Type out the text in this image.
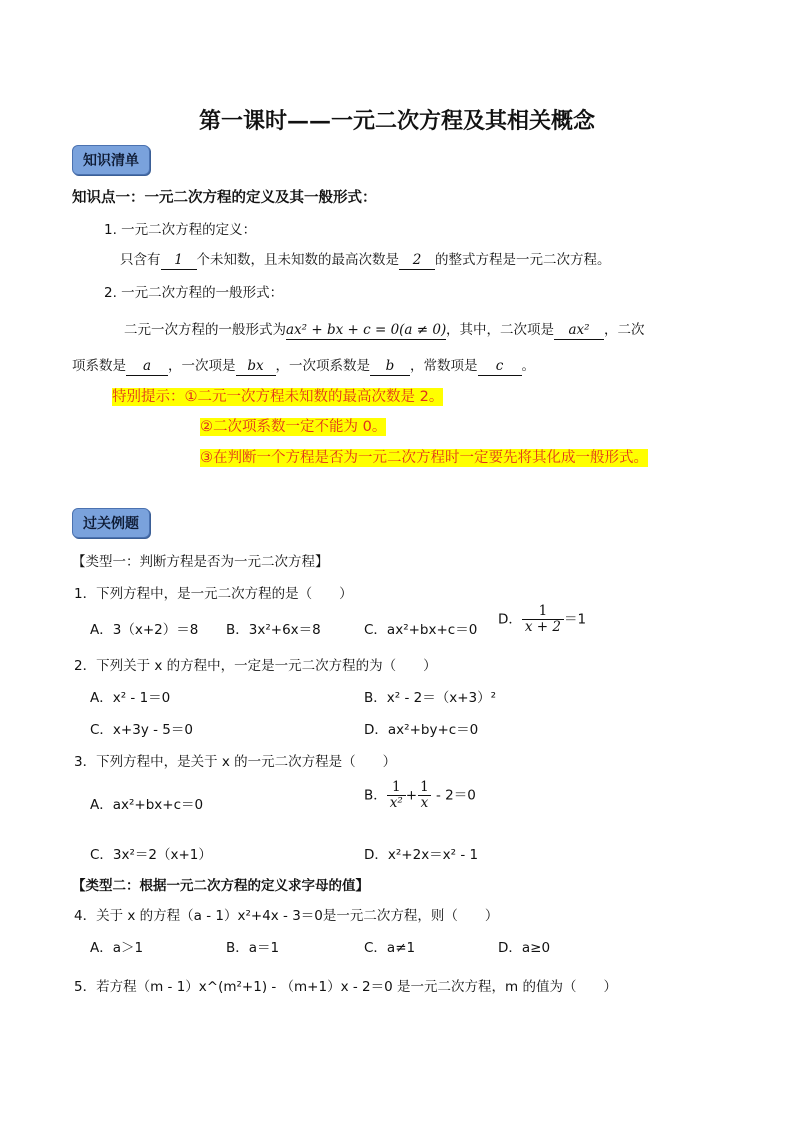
第一课时——一元二次方程及其相关概念
知识清单
知识点一：一元二次方程的定义及其一般形式：
1. 一元二次方程的定义：
只含有 1 个未知数，且未知数的最高次数是 2 的整式方程是一元二次方程。
2. 一元二次方程的一般形式：
二元一次方程的一般形式为ax² + bx + c = 0(a ≠ 0)，其中，二次项是 ax² ，二次
项系数是 a ，一次项是 bx ，一次项系数是 b ，常数项是 c 。
特别提示：①二元一次方程未知数的最高次数是 2。
②二次项系数一定不能为 0。
③在判断一个方程是否为一元二次方程时一定要先将其化成一般形式。
过关例题
【类型一：判断方程是否为一元二次方程】
1．下列方程中，是一元二次方程的是（　　）
A．3（x+2）＝8 B．3x²+6x＝8	C．ax²+bx+c＝0
D． $\frac{1}{x + 2} =1$
2．下列关于 x 的方程中，一定是一元二次方程的为（　　）
A．x² - 1＝0	B．x² - 2＝（x+3）²
C．x+3y - 5＝0	D．ax²+by+c＝0
3．下列方程中，是关于 x 的一元二次方程是（　　）
A．ax²+bx+c＝0
B． $\frac{1}{\text{x²}} + \frac{1}{x} - 2=0$
C．3x²＝2（x+1）	D．x²+2x＝x² - 1
【类型二：根据一元二次方程的定义求字母的值】
4．关于 x 的方程（a - 1）x²+4x - 3＝0是一元二次方程，则（　　）
A．a＞1	B．a＝1	C．a≠1	D．a≥0
5．若方程（m - 1）x^(m²+1) - （m+1）x - 2＝0 是一元二次方程，m 的值为（　　）
